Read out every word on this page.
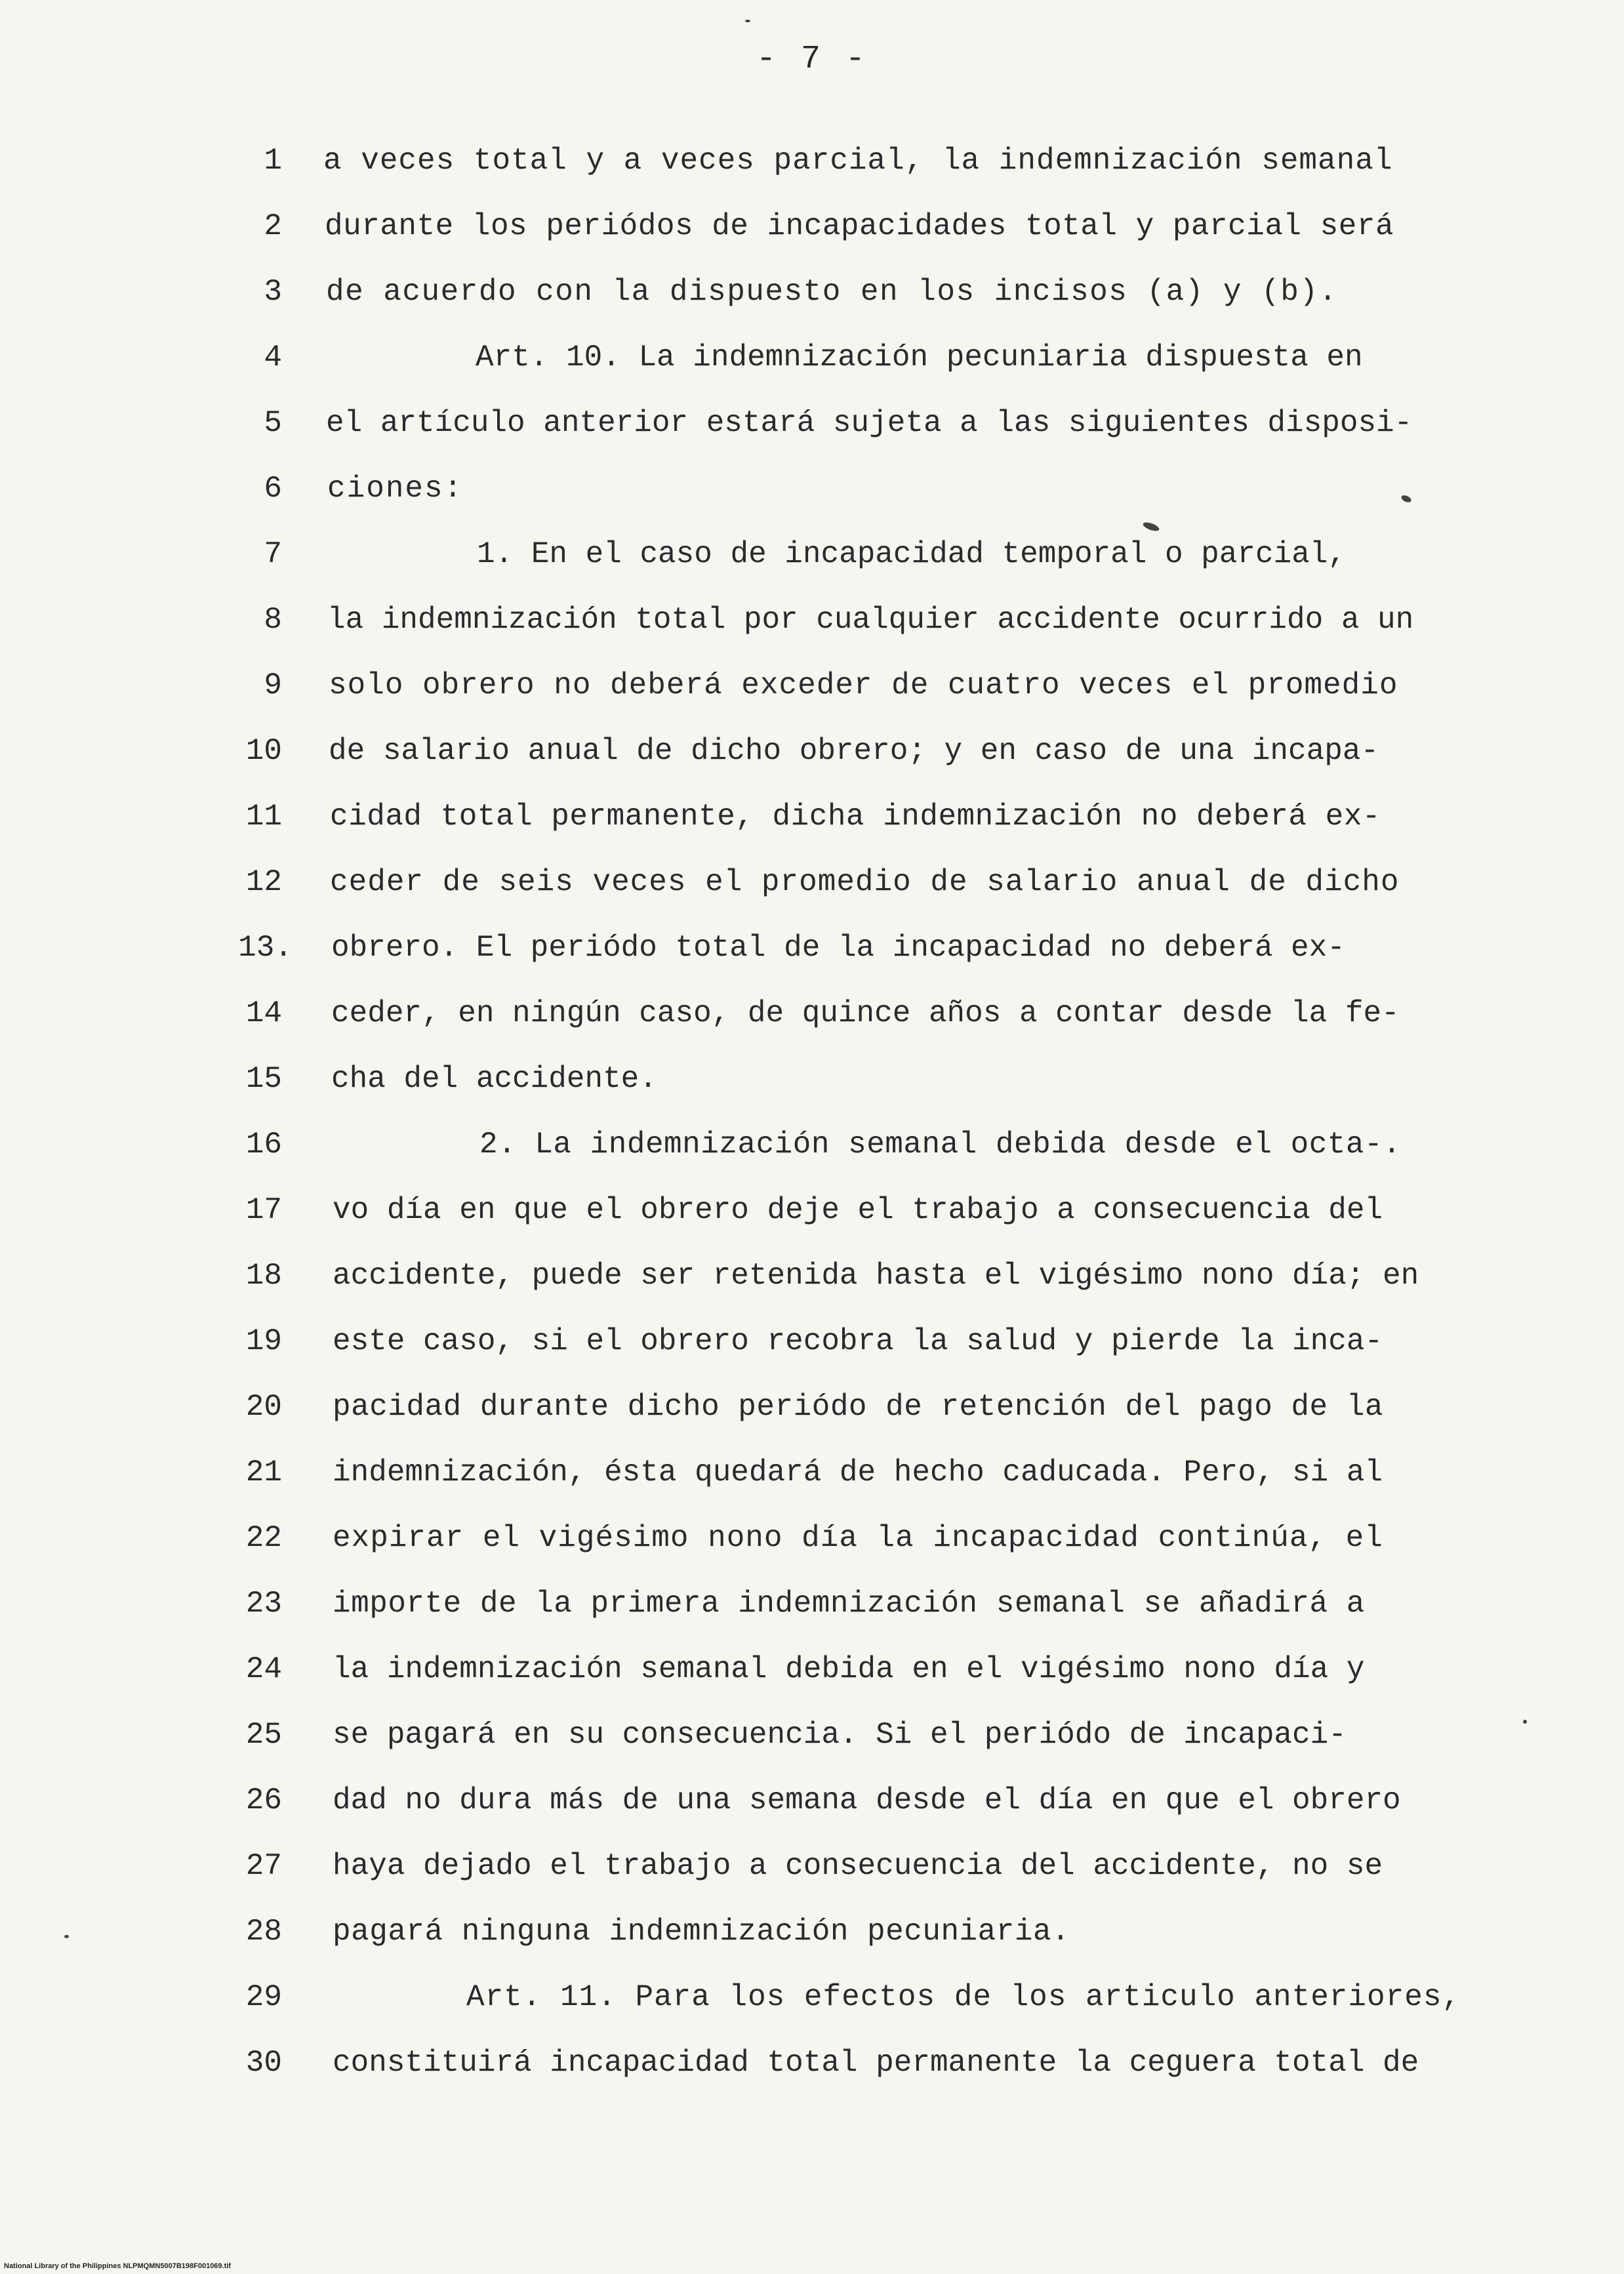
- 7 -
1 a veces total y a veces parcial, la indemnización semanal
2 durante los periódos de incapacidades total y parcial será
3 de acuerdo con la dispuesto en los incisos (a) y (b).
4	Art. 10. La indemnización pecuniaria dispuesta en
5 el artículo anterior estará sujeta a las siguientes disposi-
6 ciones:
7	1. En el caso de incapacidad temporal o parcial,
8 la indemnización total por cualquier accidente ocurrido a un
9 solo obrero no deberá exceder de cuatro veces el promedio
10 de salario anual de dicho obrero; y en caso de una incapa-
11 cidad total permanente, dicha indemnización no deberá ex-
12 ceder de seis veces el promedio de salario anual de dicho
13. obrero. El periódo total de la incapacidad no deberá ex-
14 ceder, en ningún caso, de quince años a contar desde la fe-
15 cha del accidente.
16	2. La indemnización semanal debida desde el octa-.
17 vo día en que el obrero deje el trabajo a consecuencia del
18 accidente, puede ser retenida hasta el vigésimo nono día; en
19 este caso, si el obrero recobra la salud y pierde la inca-
20 pacidad durante dicho periódo de retención del pago de la
21 indemnización, ésta quedará de hecho caducada. Pero, si al
22 expirar el vigésimo nono día la incapacidad continúa, el
23 importe de la primera indemnización semanal se añadirá a
24 la indemnización semanal debida en el vigésimo nono día y
25 se pagará en su consecuencia. Si el periódo de incapaci-
26 dad no dura más de una semana desde el día en que el obrero
27 haya dejado el trabajo a consecuencia del accidente, no se
28 pagará ninguna indemnización pecuniaria.
29	Art. 11. Para los efectos de los articulo anteriores,
30 constituirá incapacidad total permanente la ceguera total de
National Library of the Philippines NLPMQMN5007B198F001069.tif
